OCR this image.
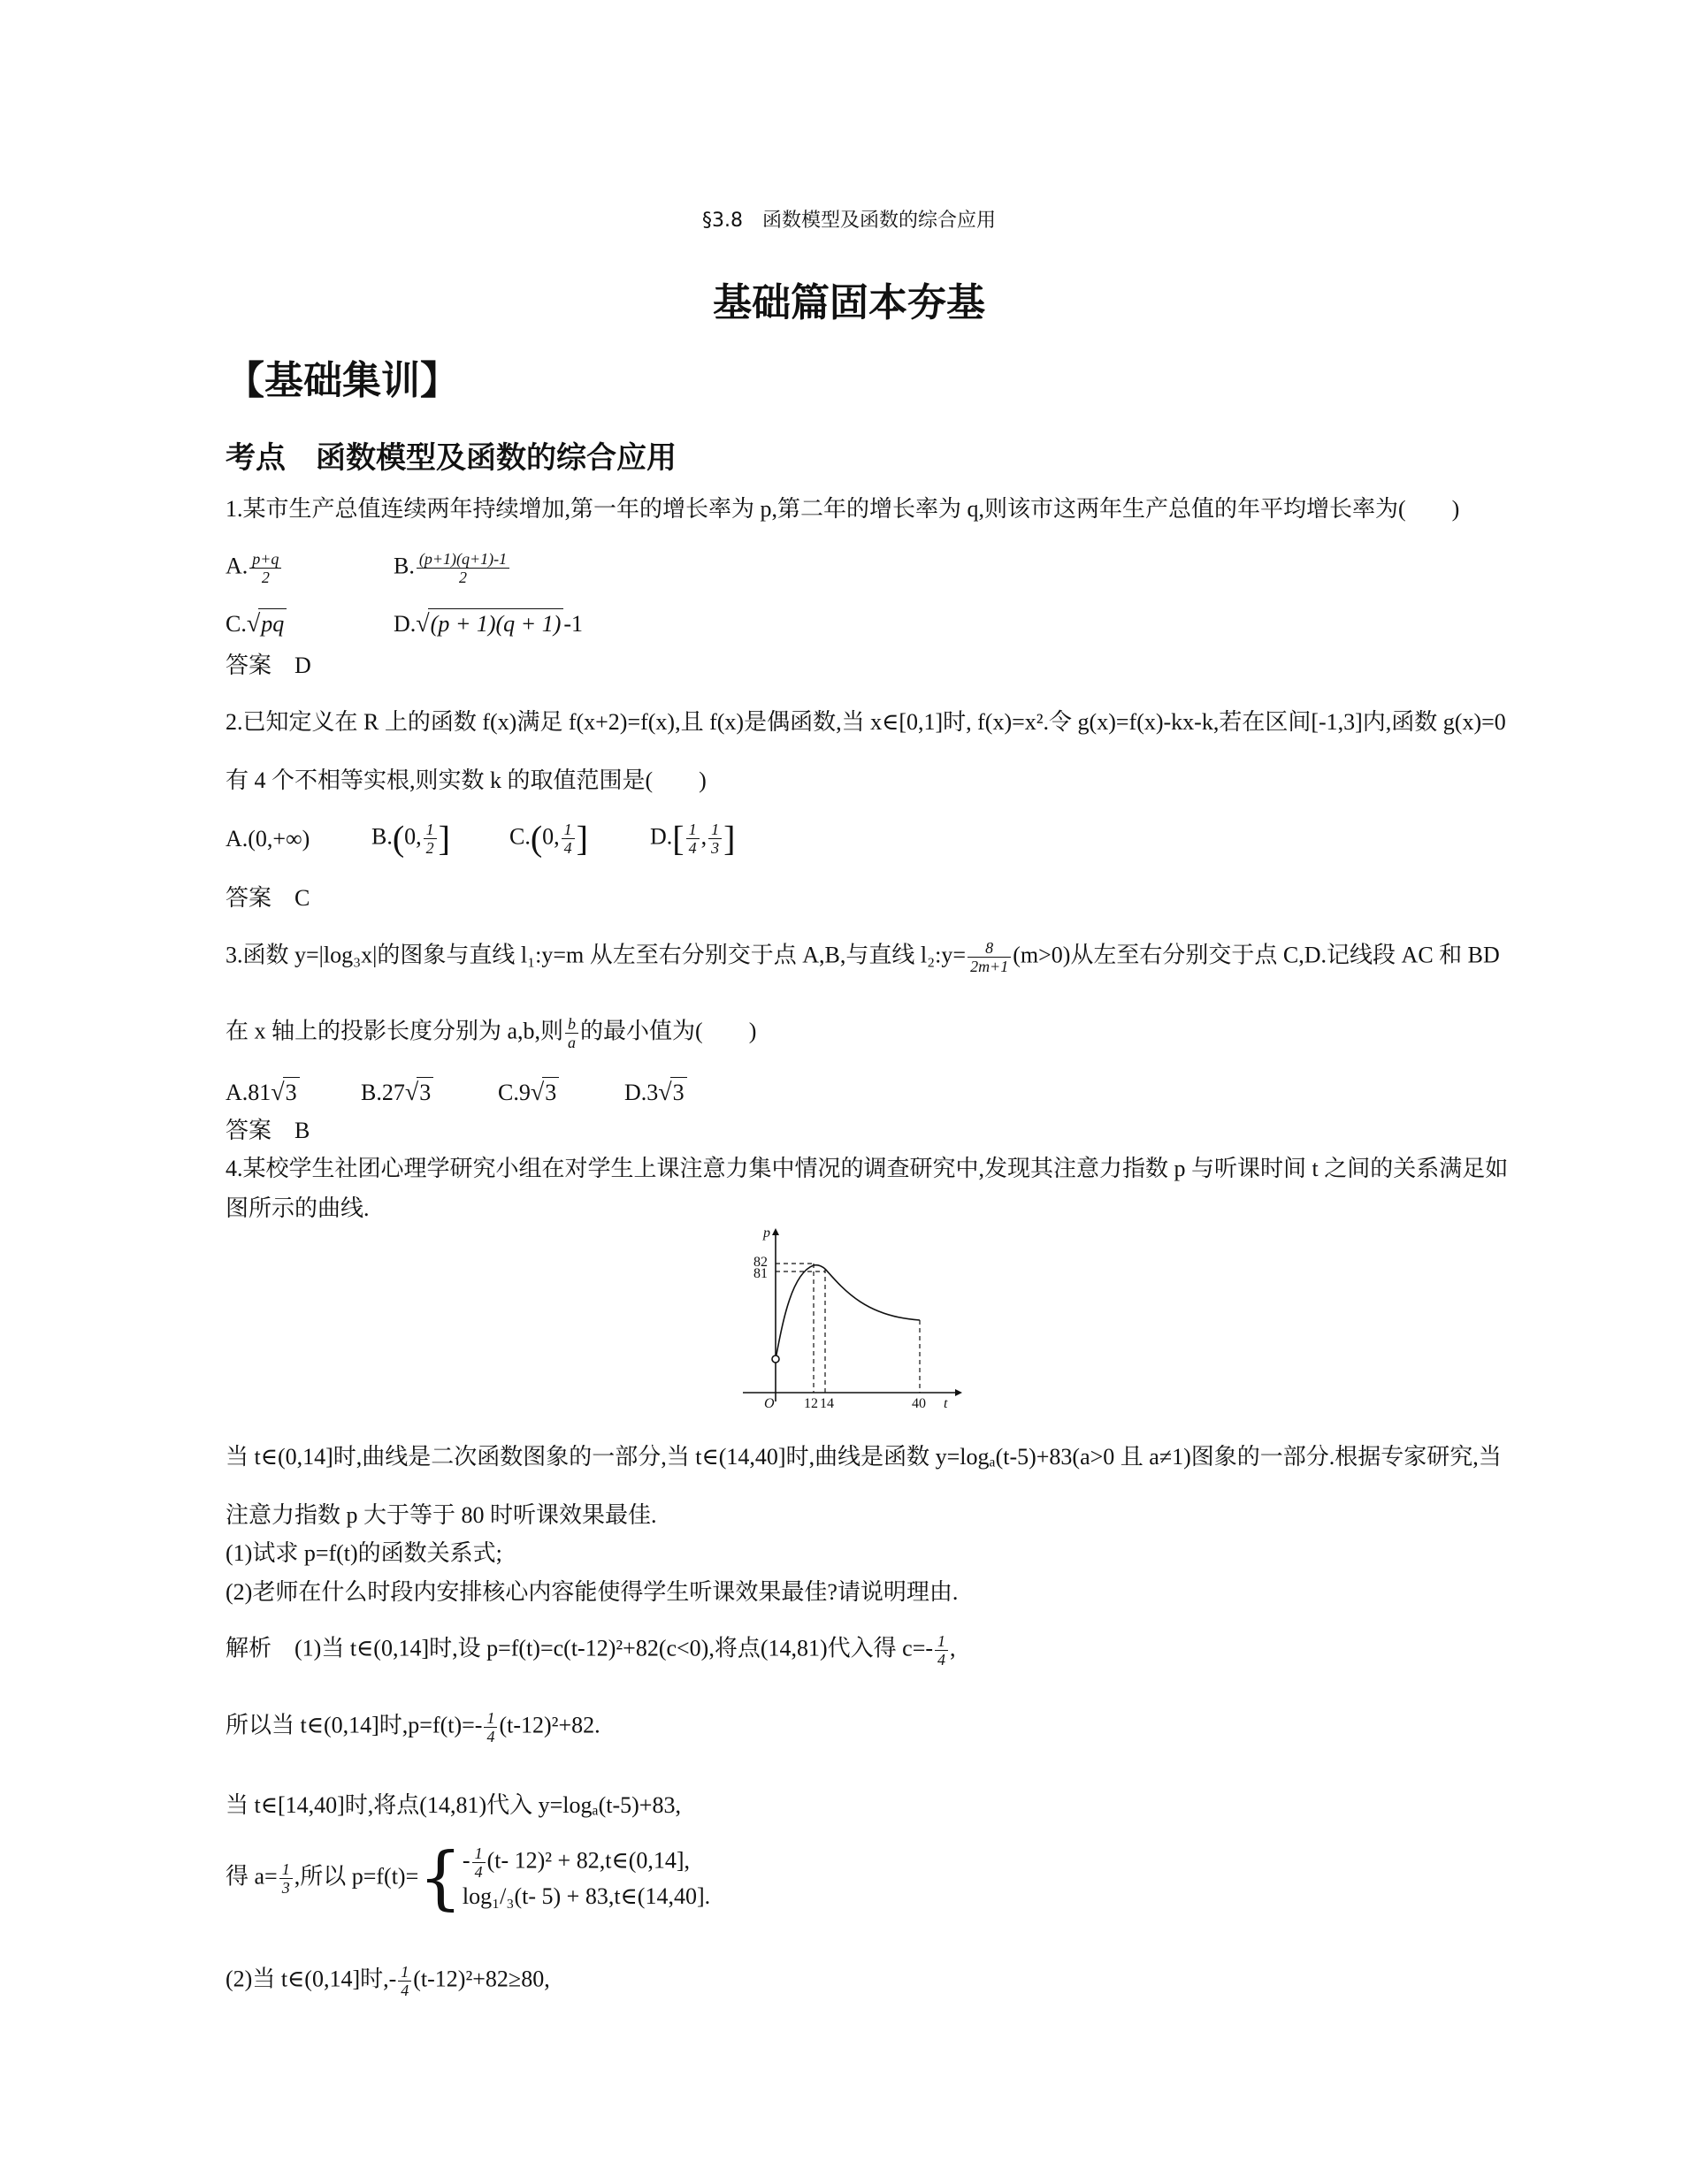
§3.8　函数模型及函数的综合应用
基础篇固本夯基
【基础集训】
考点　函数模型及函数的综合应用
1.某市生产总值连续两年持续增加,第一年的增长率为 p,第二年的增长率为 q,则该市这两年生产总值的年平均增长率为(　　)
A. $\frac{p+q}{2}$	B. $\frac{(p+1)(q+1)-1}{2}$
C.√pq	D.√(p + 1)(q + 1) -1
答案　D
2.已知定义在 R 上的函数 f(x)满足 f(x+2)=f(x),且 f(x)是偶函数,当 x∈[0,1]时, f(x)=x².令 g(x)=f(x)-kx-k,若在区间[-1,3]内,函数 g(x)=0
有 4 个不相等实根,则实数 k 的取值范围是(　　)
A.(0,+∞)	B.(0, $\frac{1}{2}$ ]	C.(0, $\frac{1}{4}$ ]	$D.[ \frac{1}{4}$ , $\frac{1}{3}$ ]
答案　C
3.函数 y=|log₃x|的图象与直线 l₁:y=m 从左至右分别交于点 A,B,与直线 l₂:y= $\frac{8}{2m+1} (m>0)$从左至右分别交于点 C,D.记线段 AC 和 BD
在 x 轴上的投影长度分别为 a,b,则 $\frac{b}{a}$ 的最小值为(　　)
A.81√3	B.27√3	C.9√3	D.3√3
答案　B
4.某校学生社团心理学研究小组在对学生上课注意力集中情况的调查研究中,发现其注意力指数 p 与听课时间 t 之间的关系满足如
图所示的曲线.
p
82
81
O 12 14	40 t
当 t∈(0,14]时,曲线是二次函数图象的一部分,当 t∈(14,40]时,曲线是函数 y=logₐ(t-5)+83(a>0 且 a≠1)图象的一部分.根据专家研究,当
注意力指数 p 大于等于 80 时听课效果最佳.
(1)试求 p=f(t)的函数关系式;
(2)老师在什么时段内安排核心内容能使得学生听课效果最佳?请说明理由.
解析　(1)当 t∈(0,14]时,设 p=f(t)=c(t-12)²+82(c<0),将点(14,81)代入得 $c=- \frac{1}{4}$ ,
所以当 t∈(0,14]时$,p=f(t)=- \frac{1}{4} (t-12)^2+82$.
当 t∈[14,40]时,将点(14,81)代入 y=logₐ(t-5)+83,
得 $a= \frac{1}{3}$ ,所以 $p=f(t)=\{ - \frac{1}{4} (t-$ 12)² + 82,t∈(0,14],
log₁/₃(t- 5) + 83,t∈(14,40].
(2)当 t∈(0,14]时,- $\frac{1}{4} (t-12)^2+82\ge 80$,
